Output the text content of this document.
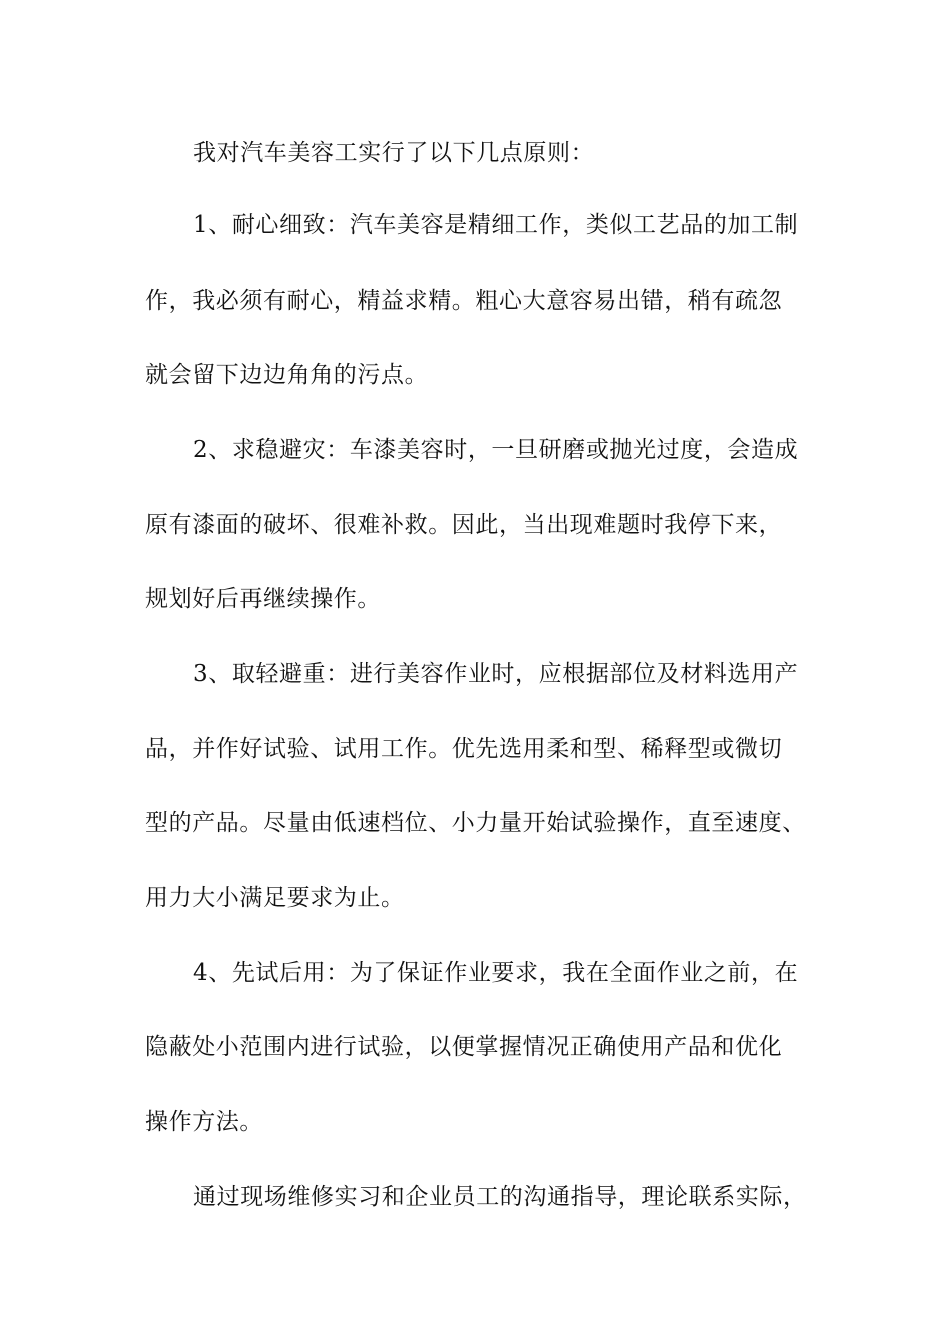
我对汽车美容工实行了以下几点原则：
1、耐心细致：汽车美容是精细工作，类似工艺品的加工制
作，我必须有耐心，精益求精。粗心大意容易出错，稍有疏忽
就会留下边边角角的污点。
2、求稳避灾：车漆美容时，一旦研磨或抛光过度，会造成
原有漆面的破坏、很难补救。因此，当出现难题时我停下来，
规划好后再继续操作。
3、取轻避重：进行美容作业时，应根据部位及材料选用产
品，并作好试验、试用工作。优先选用柔和型、稀释型或微切
型的产品。尽量由低速档位、小力量开始试验操作，直至速度、
用力大小满足要求为止。
4、先试后用：为了保证作业要求，我在全面作业之前，在
隐蔽处小范围内进行试验，以便掌握情况正确使用产品和优化
操作方法。
通过现场维修实习和企业员工的沟通指导，理论联系实际，
